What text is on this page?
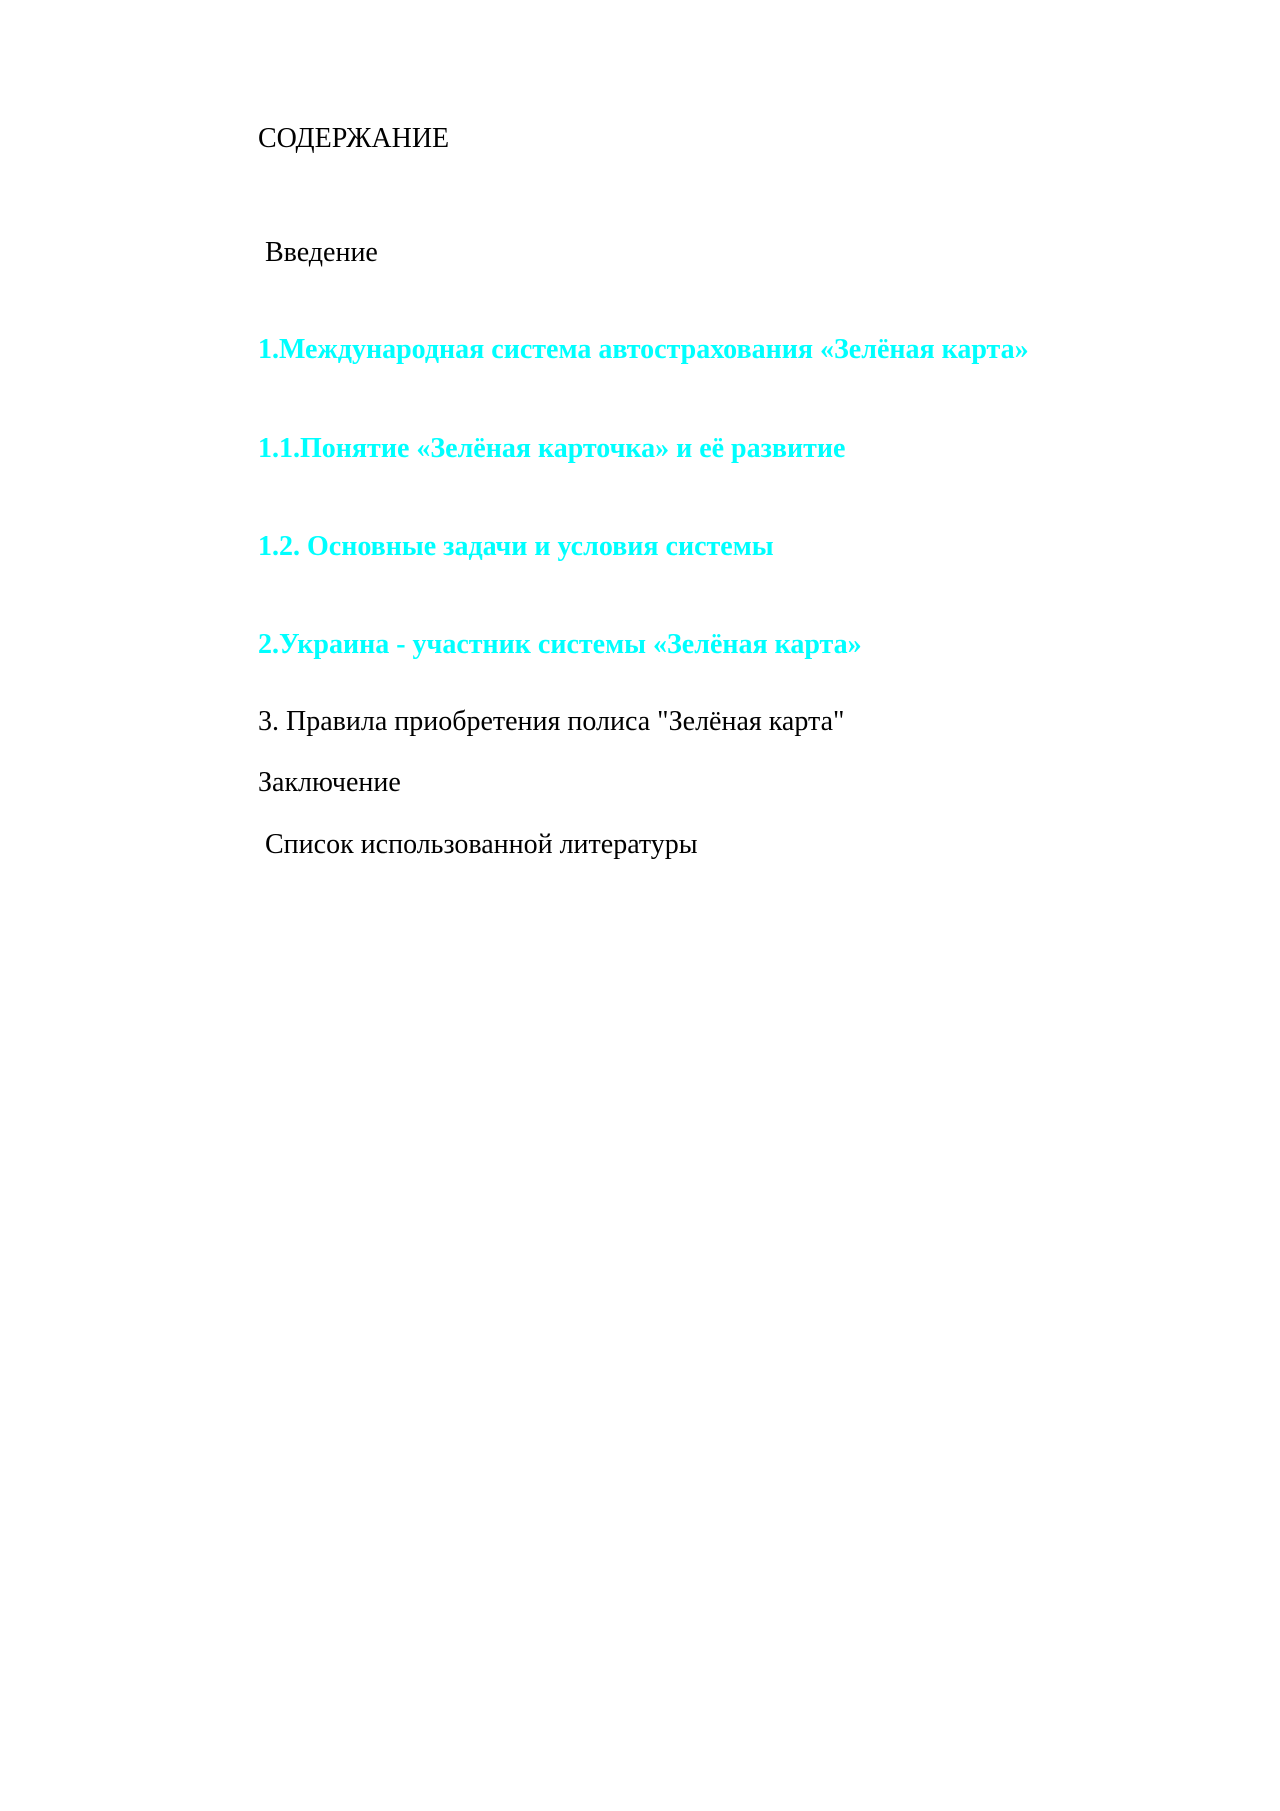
СОДЕРЖАНИЕ
Введение
1.Международная система автострахования «Зелёная карта»
1.1.Понятие «Зелёная карточка» и её развитие
1.2. Основные задачи и условия системы
2.Украина - участник системы «Зелёная карта»
3. Правила приобретения полиса "Зелёная карта"
Заключение
Список использованной литературы
